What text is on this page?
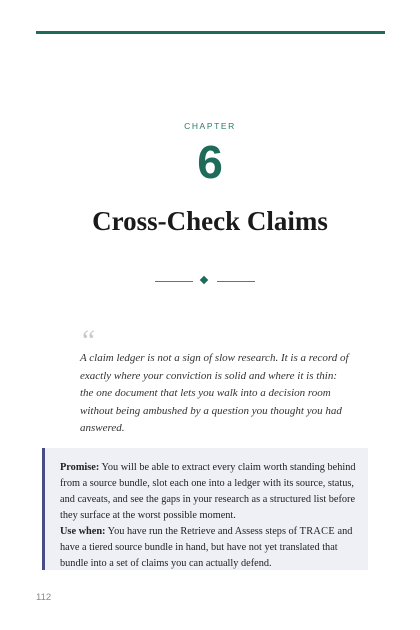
CHAPTER
6
Cross-Check Claims
“

A claim ledger is not a sign of slow research. It is a record of exactly where your conviction is solid and where it is thin: the one document that lets you walk into a decision room without being ambushed by a question you thought you had answered.

Promise: You will be able to extract every claim worth standing behind from a source bundle, slot each one into a ledger with its source, status, and caveats, and see the gaps in your research as a structured list before they surface at the worst possible moment.

Use when: You have run the Retrieve and Assess steps of TRACE and have a tiered source bundle in hand, but have not yet translated that bundle into a set of claims you can actually defend.

112
